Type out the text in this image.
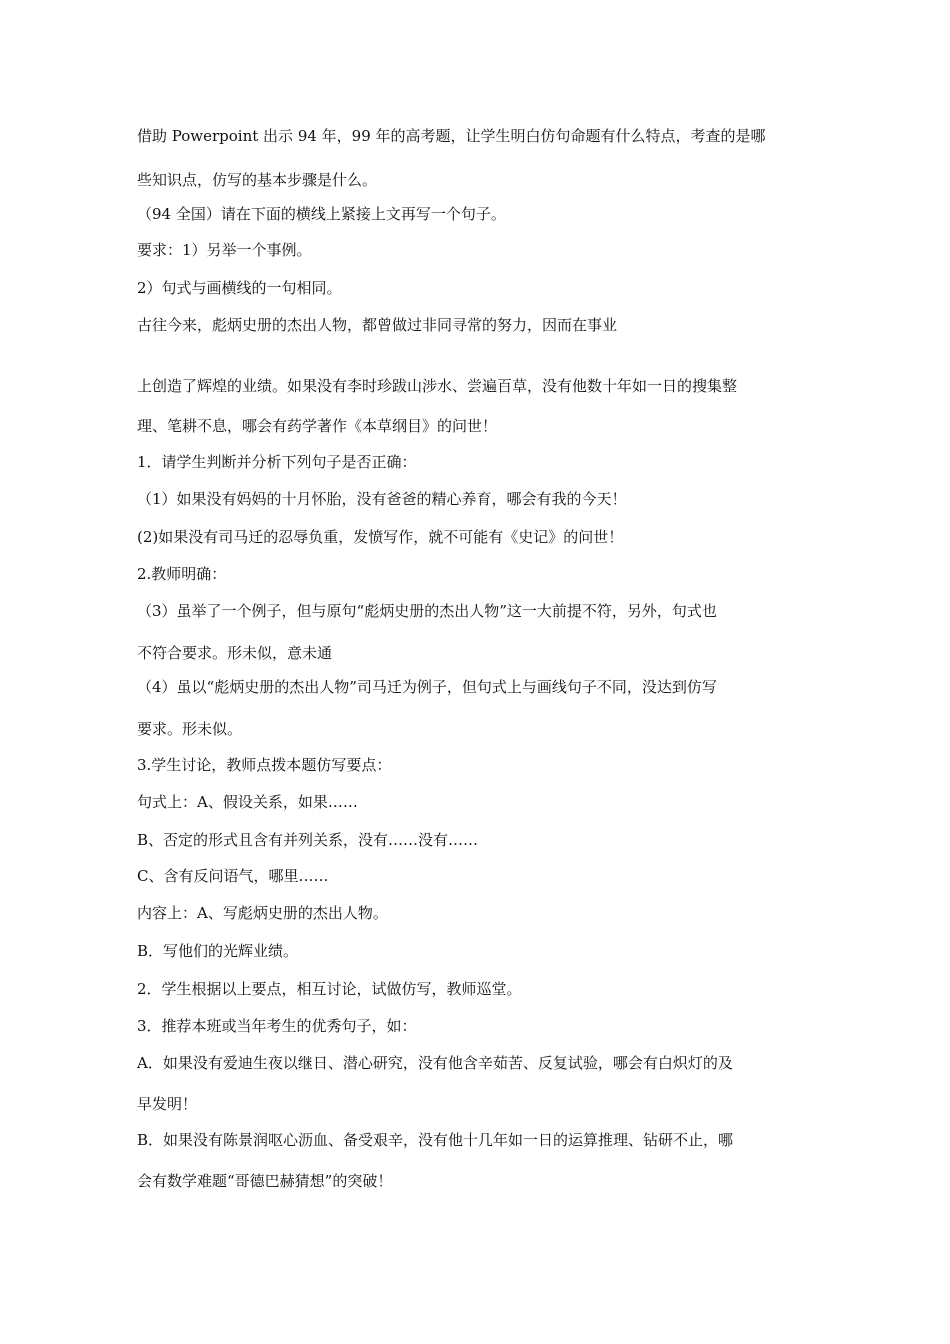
借助 Powerpoint 出示 94 年，99 年的高考题，让学生明白仿句命题有什么特点，考查的是哪
些知识点，仿写的基本步骤是什么。
（94 全国）请在下面的横线上紧接上文再写一个句子。
要求：1）另举一个事例。
2）句式与画横线的一句相同。
古往今来，彪炳史册的杰出人物，都曾做过非同寻常的努力，因而在事业
上创造了辉煌的业绩。如果没有李时珍跋山涉水、尝遍百草，没有他数十年如一日的搜集整
理、笔耕不息，哪会有药学著作《本草纲目》的问世！
1．请学生判断并分析下列句子是否正确：
（1）如果没有妈妈的十月怀胎，没有爸爸的精心养育，哪会有我的今天！
(2)如果没有司马迁的忍辱负重，发愤写作，就不可能有《史记》的问世！
2.教师明确：
（3）虽举了一个例子，但与原句“彪炳史册的杰出人物”这一大前提不符，另外，句式也
不符合要求。形未似，意未通
（4）虽以“彪炳史册的杰出人物”司马迁为例子，但句式上与画线句子不同，没达到仿写
要求。形未似。
3.学生讨论，教师点拨本题仿写要点：
句式上：A、假设关系，如果……
B、否定的形式且含有并列关系，没有……没有……
C、含有反问语气，哪里……
内容上：A、写彪炳史册的杰出人物。
B．写他们的光辉业绩。
2．学生根据以上要点，相互讨论，试做仿写，教师巡堂。
3．推荐本班或当年考生的优秀句子，如：
A．如果没有爱迪生夜以继日、潜心研究，没有他含辛茹苦、反复试验，哪会有白炽灯的及
早发明！
B．如果没有陈景润呕心沥血、备受艰辛，没有他十几年如一日的运算推理、钻研不止，哪
会有数学难题“哥德巴赫猜想”的突破！
